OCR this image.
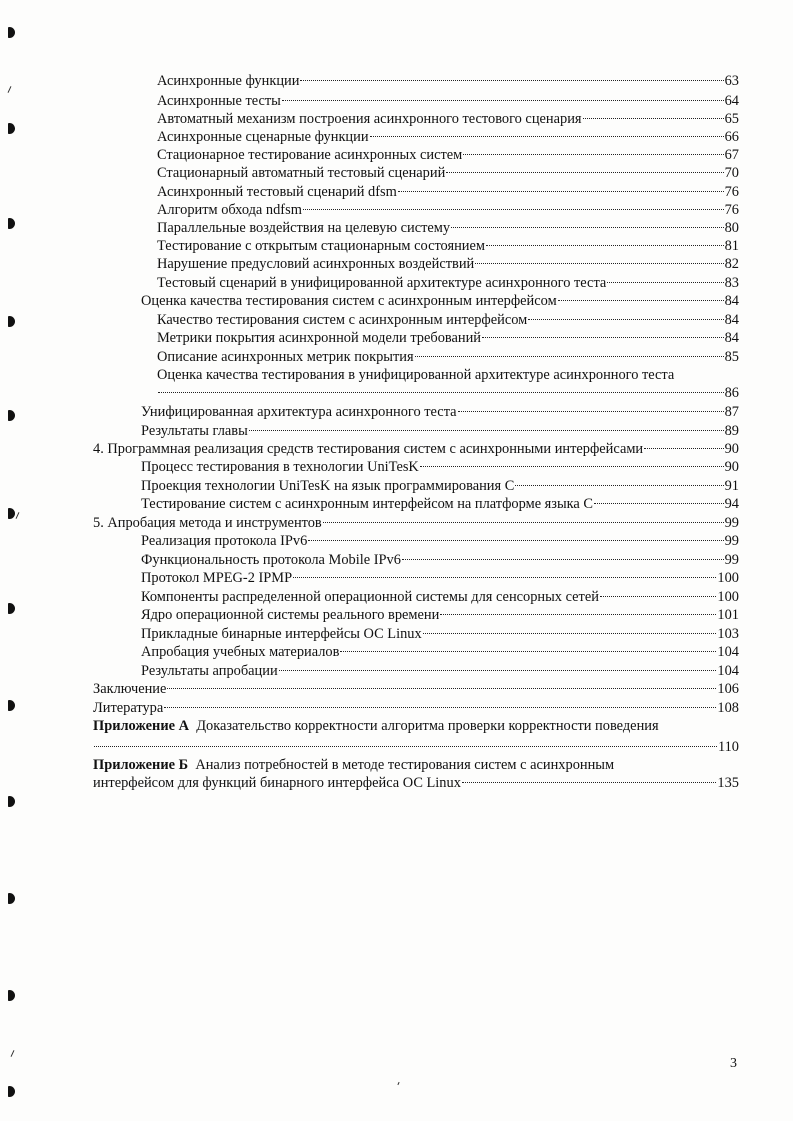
Асинхронные функции	63
Асинхронные тесты	64
Автоматный механизм построения асинхронного тестового сценария	65
Асинхронные сценарные функции	66
Стационарное тестирование асинхронных систем	67
Стационарный автоматный тестовый сценарий	70
Асинхронный тестовый сценарий dfsm	76
Алгоритм обхода ndfsm	76
Параллельные воздействия на целевую систему	80
Тестирование с открытым стационарным состоянием	81
Нарушение предусловий асинхронных воздействий	82
Тестовый сценарий в унифицированной архитектуре асинхронного теста	83
Оценка качества тестирования систем с асинхронным интерфейсом	84
Качество тестирования систем с асинхронным интерфейсом	84
Метрики покрытия асинхронной модели требований	84
Описание асинхронных метрик покрытия	85
Оценка качества тестирования в унифицированной архитектуре асинхронного теста
86
Унифицированная архитектура асинхронного теста	87
Результаты главы	89
4. Программная реализация средств тестирования систем с асинхронными интерфейсами	90
Процесс тестирования в технологии UniTesK	90
Проекция технологии UniTesK на язык программирования С	91
Тестирование систем с асинхронным интерфейсом на платформе языка С	94
5. Апробация метода и инструментов	99
Реализация протокола IPv6	99
Функциональность протокола Mobile IPv6	99
Протокол MPEG-2 IPMP	100
Компоненты распределенной операционной системы для сенсорных сетей	100
Ядро операционной системы реального времени	101
Прикладные бинарные интерфейсы ОС Linux	103
Апробация учебных материалов	104
Результаты апробации	104
Заключение	106
Литература	108
Приложение А Доказательство корректности алгоритма проверки корректности поведения
110
Приложение Б Анализ потребностей в методе тестирования систем с асинхронным
интерфейсом для функций бинарного интерфейса ОС Linux	135
3
